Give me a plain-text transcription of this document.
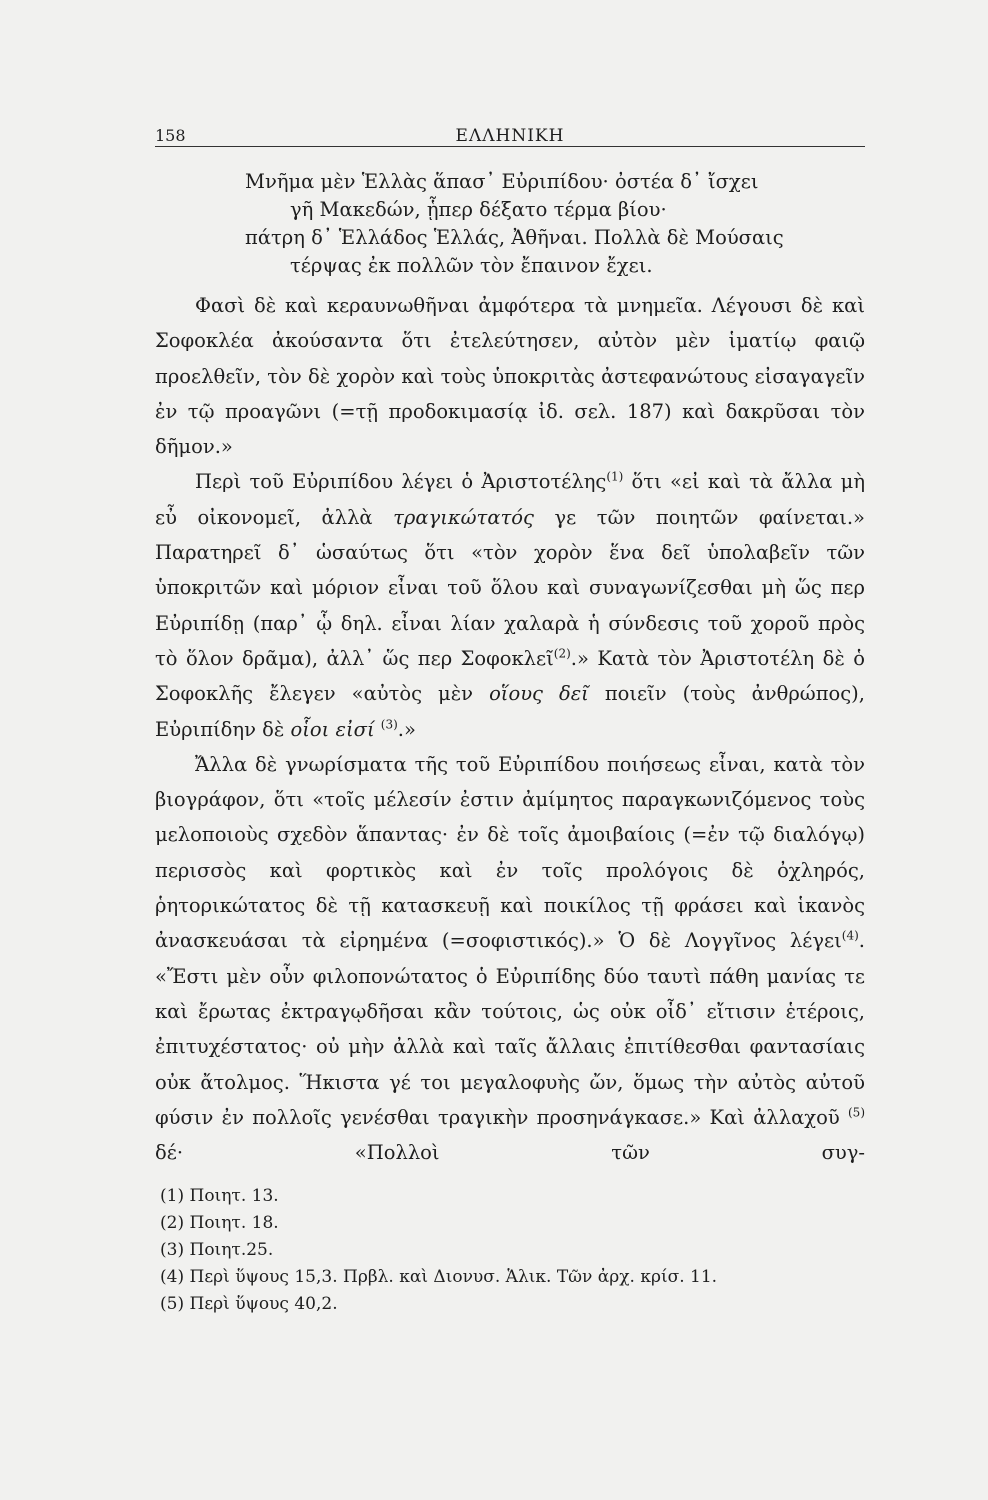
158	ΕΛΛΗΝΙΚΗ
Μνῆμα μὲν Ἑλλὰς ἅπασ᾽ Εὐριπίδου· ὀστέα δ᾽ ἴσχει
γῆ Μακεδών, ᾗπερ δέξατο τέρμα βίου·
πάτρη δ᾽ Ἑλλάδος Ἑλλάς, Ἀθῆναι. Πολλὰ δὲ Μούσαις
τέρψας ἐκ πολλῶν τὸν ἔπαινον ἔχει.

Φασὶ δὲ καὶ κεραυνωθῆναι ἀμφότερα τὰ μνημεῖα. Λέγουσι δὲ καὶ Σοφοκλέα ἀκούσαντα ὅτι ἐτελεύτησεν, αὐτὸν μὲν ἱματίῳ φαιῷ προελθεῖν, τὸν δὲ χορὸν καὶ τοὺς ὑποκριτὰς ἀστεφανώτους εἰσαγαγεῖν ἐν τῷ προαγῶνι (=τῇ προδοκιμασίᾳ ἰδ. σελ. 187) καὶ δακρῦσαι τὸν δῆμον.»

Περὶ τοῦ Εὐριπίδου λέγει ὁ Ἀριστοτέλης$^{(1)}$ ὅτι «εἰ καὶ τὰ ἄλλα μὴ εὖ οἰκονομεῖ, ἀλλὰ τραγικώτατός γε τῶν ποιητῶν φαίνεται.» Παρατηρεῖ δ᾽ ὡσαύτως ὅτι «τὸν χορὸν ἕνα δεῖ ὑπολαβεῖν τῶν ὑποκριτῶν καὶ μόριον εἶναι τοῦ ὅλου καὶ συναγωνίζεσθαι μὴ ὥς περ Εὐριπίδῃ (παρ᾽ ᾧ δηλ. εἶναι λίαν χαλαρὰ ἡ σύνδεσις τοῦ χοροῦ πρὸς τὸ ὅλον δρᾶμα), ἀλλ᾽ ὥς περ Σοφοκλεῖ$^{(2)}$.» Κατὰ τὸν Ἀριστοτέλη δὲ ὁ Σοφοκλῆς ἔλεγεν «αὐτὸς μὲν οἵους δεῖ ποιεῖν (τοὺς ἀνθρώπος), Εὐριπίδην δὲ οἷοι εἰσί $^{(3)}$.»

Ἄλλα δὲ γνωρίσματα τῆς τοῦ Εὐριπίδου ποιήσεως εἶναι, κατὰ τὸν βιογράφον, ὅτι «τοῖς μέλεσίν ἐστιν ἀμίμητος παραγκωνιζόμενος τοὺς μελοποιοὺς σχεδὸν ἅπαντας· ἐν δὲ τοῖς ἀμοιβαίοις (=ἐν τῷ διαλόγῳ) περισσὸς καὶ φορτικὸς καὶ ἐν τοῖς προλόγοις δὲ ὀχληρός, ῥητορικώτατος δὲ τῇ κατασκευῇ καὶ ποικίλος τῇ φράσει καὶ ἱκανὸς ἀνασκευάσαι τὰ εἰρημένα (=σοφιστικός).» Ὁ δὲ Λογγῖνος λέγει$^{(4)}$. «Ἔστι μὲν οὖν φιλοπονώτατος ὁ Εὐριπίδης δύο ταυτὶ πάθη μανίας τε καὶ ἔρωτας ἐκτραγῳδῆσαι κἂν τούτοις, ὡς οὐκ οἶδ᾽ εἴτισιν ἑτέροις, ἐπιτυχέστατος· οὐ μὴν ἀλλὰ καὶ ταῖς ἄλλαις ἐπιτίθεσθαι φαντασίαις οὐκ ἄτολμος. Ἥκιστα γέ τοι μεγαλοφυὴς ὤν, ὅμως τὴν αὐτὸς αὐτοῦ φύσιν ἐν πολλοῖς γενέσθαι τραγικὴν προσηνάγκασε.» Καὶ ἀλλαχοῦ $^{(5)}$ δέ· «Πολλοὶ τῶν συγ-

(1) Ποιητ. 13.
(2) Ποιητ. 18.
(3) Ποιητ.25.
(4) Περὶ ὕψους 15,3. Πρβλ. καὶ Διονυσ. Ἁλικ. Τῶν ἀρχ. κρίσ. 11.
(5) Περὶ ὕψους 40,2.
